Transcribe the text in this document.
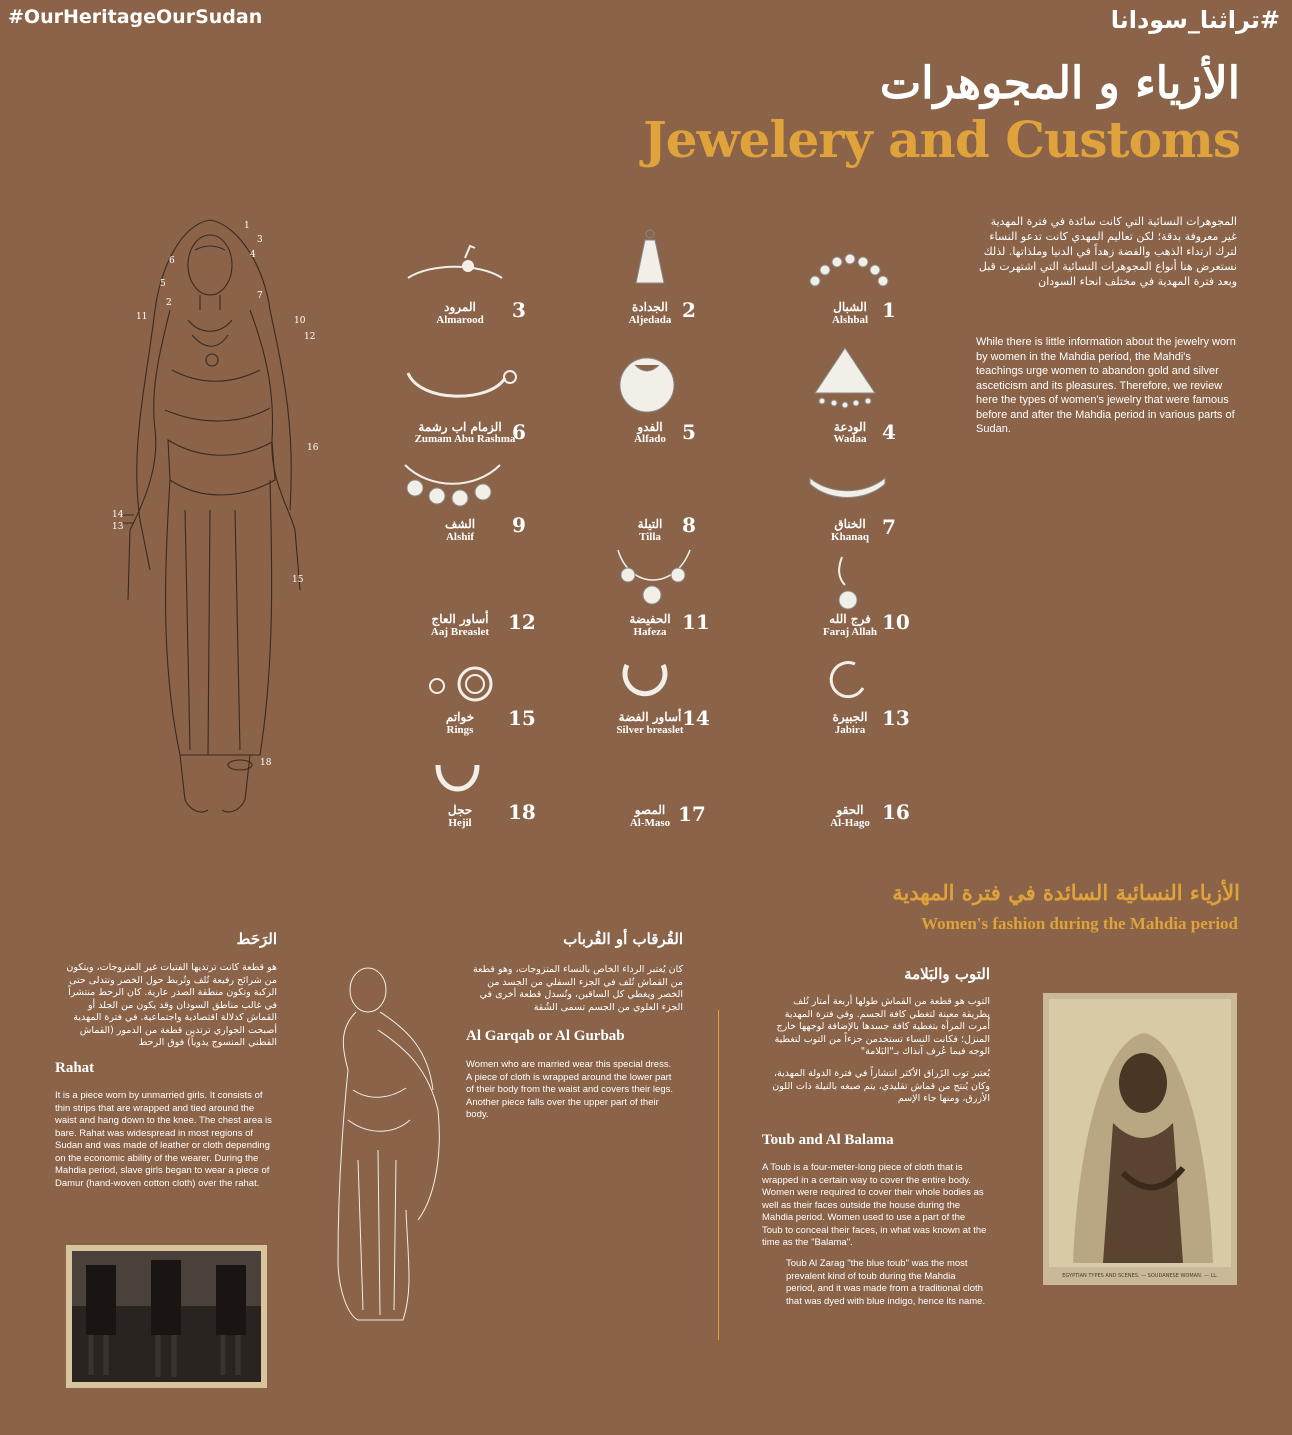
#OurHeritageOurSudan	#تراثنا_سودانا
الأزياء و المجوهرات
Jewelery and Customs
المجوهرات النسائية التي كانت سائدة في فترة المهدية غير معروفة بدقة؛ لكن تعاليم المهدي كانت تدعو النساء لترك ارتداء الذهب والفضة زهداً في الدنيا وملذاتها. لذلك نستعرض هنا أنواع المجوهرات النسائية التي اشتهرت قبل وبعد فترة المهدية في مختلف انحاء السودان
While there is little information about the jewelry worn by women in the Mahdia period, the Mahdi's teachings urge women to abandon gold and silver asceticism and its pleasures. Therefore, we review here the types of women's jewelry that were famous before and after the Mahdia period in various parts of Sudan.
1
2
3
4
5
6
7
10
11
12
13
14
15
16
18
1
الشبال
Alshbal
2
الجدادة
Aljedada
3
المرود
Almarood
4
الودعة
Wadaa
5
الفدو
Alfado
6
الزمام اب رشمة
Zumam Abu Rashma
7
الخناق
Khanaq
8
التيلة
Tilla
9
الشف
Alshif
10
فرج الله
Faraj Allah
11
الحفيضة
Hafeza
12
أساور العاج
Aaj Breaslet
13
الجبيرة
Jabira
14
أساور الفضة
Silver breaslet
15
خواتم
Rings
16
الحقو
Al-Hago
17
المصو
Al-Maso
18
حجل
Hejil
الأزياء النسائية السائدة في فترة المهدية
Women's fashion during the Mahdia period
الرَحَط
هو قطعة كانت ترتديها الفتيات غير المتزوجات، ويتكون من شرائح رفيعة تُلف وتُربط حول الخصر وتتدلى حتى الركبة وتكون منطقة الصدر عارية. كان الرحط منتشراً في غالب مناطق السودان وقد يكون من الجلد أو القماش كدلالة اقتصادية واجتماعية. في فترة المهدية أصبحت الجواري ترتدين قطعة من الدمور (القماش القطني المنسوج يدوياً) فوق الرحط
Rahat
It is a piece worn by unmarried girls. It consists of thin strips that are wrapped and tied around the waist and hang down to the knee. The chest area is bare. Rahat was widespread in most regions of Sudan and was made of leather or cloth depending on the economic ability of the wearer. During the Mahdia period, slave girls began to wear a piece of Damur (hand-woven cotton cloth) over the rahat.
القُرقاب أو القُرباب
كان يُعتبر الرداء الخاص بالنساء المتزوجات، وهو قطعة من القماش تُلف في الجزء السفلي من الجسد من الخصر ويغطي كل الساقين، وتُسدل قطعة أخرى في الجزء العلوي من الجسم تسمى الشُقة
Al Garqab or Al Gurbab
Women who are married wear this special dress. A piece of cloth is wrapped around the lower part of their body from the waist and covers their legs. Another piece falls over the upper part of their body.
التوب والبَلامة
التوب هو قطعة من القماش طولها أربعة أمتار تُلف بطريقة معينة لتغطي كافة الجسم. وفي فترة المهدية أُمرت المرأة بتغطية كافة جسدها بالإضافة لوجهها خارج المنزل؛ فكانت النساء تستخدمن جزءاً من التوب لتغطية الوجه فيما عُرف آنذاك بـ"البَلامة"
يُعتبر توب الزَراق الأكثر انتشاراً في فترة الدولة المهدية، وكان يُنتج من قماش تقليدي، يتم صبغه بالنيلة ذات اللون الأزرق، ومنها جاء الإسم
Toub and Al Balama
A Toub is a four-meter-long piece of cloth that is wrapped in a certain way to cover the entire body. Women were required to cover their whole bodies as well as their faces outside the house during the Mahdia period. Women used to use a part of the Toub to conceal their faces, in what was known at the time as the "Balama".
Toub Al Zarag "the blue toub" was the most prevalent kind of toub during the Mahdia period, and it was made from a traditional cloth that was dyed with blue indigo, hence its name.
EGYPTIAN TYPES AND SCENES. — SOUDANESE WOMAN. — LL.
